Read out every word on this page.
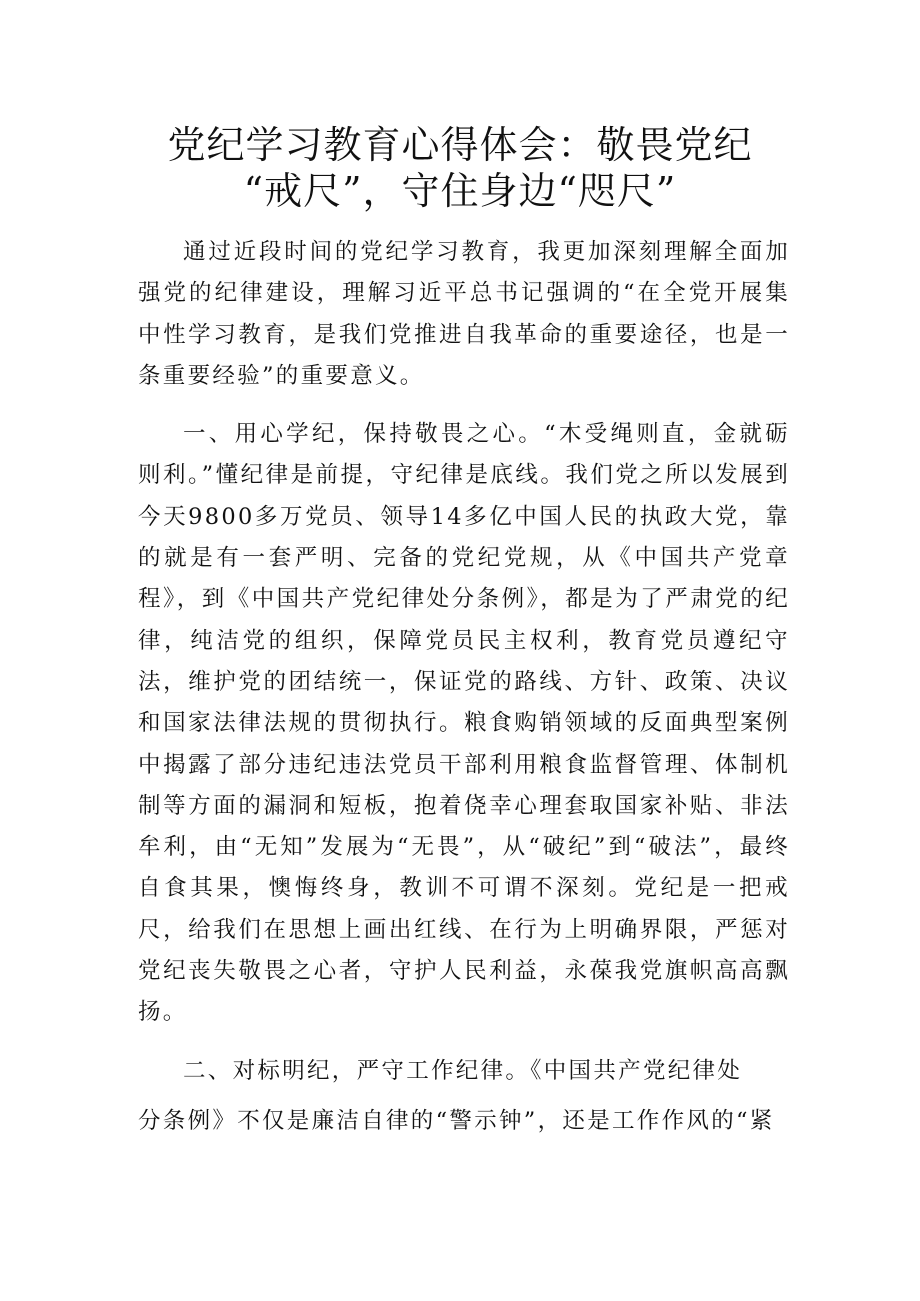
党纪学习教育心得体会：敬畏党纪
“戒尺”，守住身边“咫尺”

通过近段时间的党纪学习教育，我更加深刻理解全面加强党的纪律建设，理解习近平总书记强调的“在全党开展集中性学习教育，是我们党推进自我革命的重要途径，也是一条重要经验”的重要意义。

一、用心学纪，保持敬畏之心。“木受绳则直，金就砺则利。”懂纪律是前提，守纪律是底线。我们党之所以发展到今天9800多万党员、领导14多亿中国人民的执政大党，靠的就是有一套严明、完备的党纪党规，从《中国共产党章程》，到《中国共产党纪律处分条例》，都是为了严肃党的纪律，纯洁党的组织，保障党员民主权利，教育党员遵纪守法，维护党的团结统一，保证党的路线、方针、政策、决议和国家法律法规的贯彻执行。粮食购销领域的反面典型案例中揭露了部分违纪违法党员干部利用粮食监督管理、体制机制等方面的漏洞和短板，抱着侥幸心理套取国家补贴、非法牟利，由“无知”发展为“无畏”，从“破纪”到“破法”，最终自食其果，懊悔终身，教训不可谓不深刻。党纪是一把戒尺，给我们在思想上画出红线、在行为上明确界限，严惩对党纪丧失敬畏之心者，守护人民利益，永葆我党旗帜高高飘扬。

二、对标明纪，严守工作纪律。《中国共产党纪律处

分条例》不仅是廉洁自律的“警示钟”，还是工作作风的“紧
